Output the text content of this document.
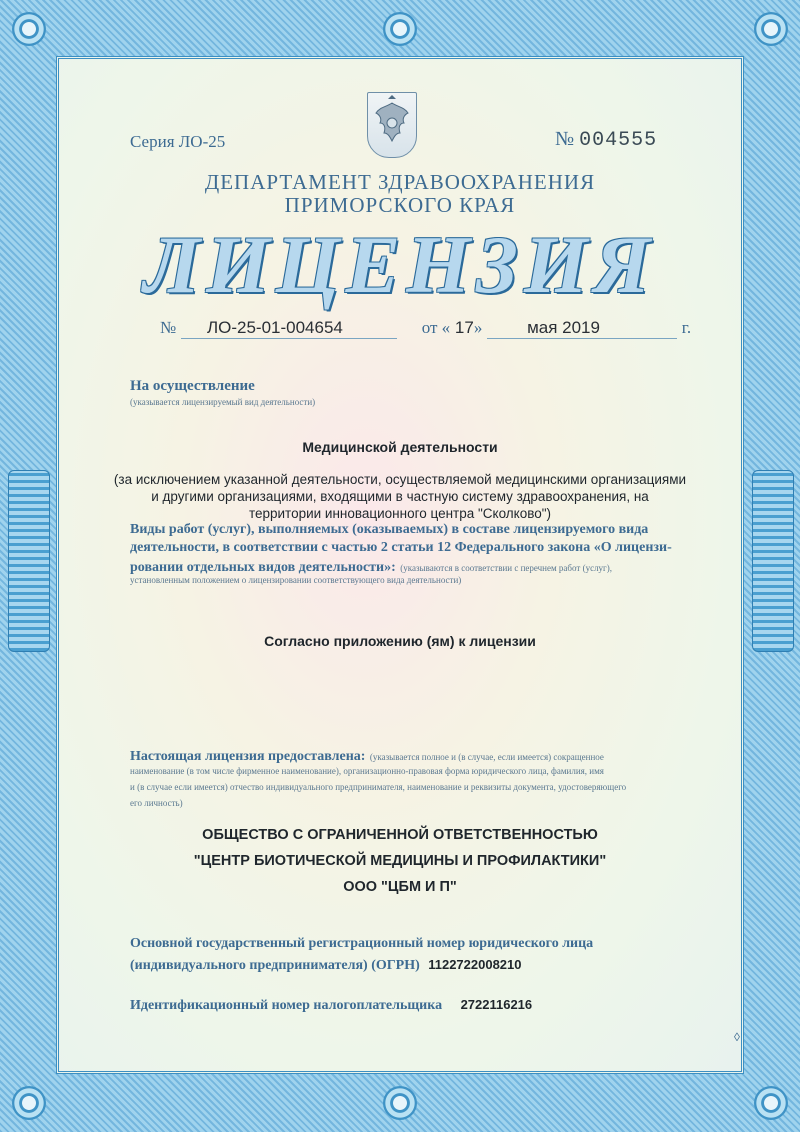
Серия ЛО-25	№ 004555
ДЕПАРТАМЕНТ ЗДРАВООХРАНЕНИЯ
ПРИМОРСКОГО КРАЯ
ЛИЦЕНЗИЯ
№ ЛО-25-01-004654	от « 17»	мая 2019	г.
На осуществление
(указывается лицензируемый вид деятельности)
Медицинской деятельности
(за исключением указанной деятельности, осуществляемой медицинскими организациями
и другими организациями, входящими в частную систему здравоохранения, на
территории инновационного центра "Сколково")
Виды работ (услуг), выполняемых (оказываемых) в составе лицензируемого вида
деятельности, в соответствии с частью 2 статьи 12 Федерального закона «О лицензи-
ровании отдельных видов деятельности»: (указываются в соответствии с перечнем работ (услуг),
установленным положением о лицензировании соответствующего вида деятельности)
Согласно приложению (ям) к лицензии
Настоящая лицензия предоставлена: (указывается полное и (в случае, если имеется) сокращенное
наименование (в том числе фирменное наименование), организационно-правовая форма юридического лица, фамилия, имя
и (в случае если имеется) отчество индивидуального предпринимателя, наименование и реквизиты документа, удостоверяющего
его личность)
ОБЩЕСТВО С ОГРАНИЧЕННОЙ ОТВЕТСТВЕННОСТЬЮ
"ЦЕНТР БИОТИЧЕСКОЙ МЕДИЦИНЫ И ПРОФИЛАКТИКИ"
ООО "ЦБМ И П"
Основной государственный регистрационный номер юридического лица
(индивидуального предпринимателя) (ОГРН) 1122722008210
Идентификационный номер налогоплательщика 2722116216
◊
